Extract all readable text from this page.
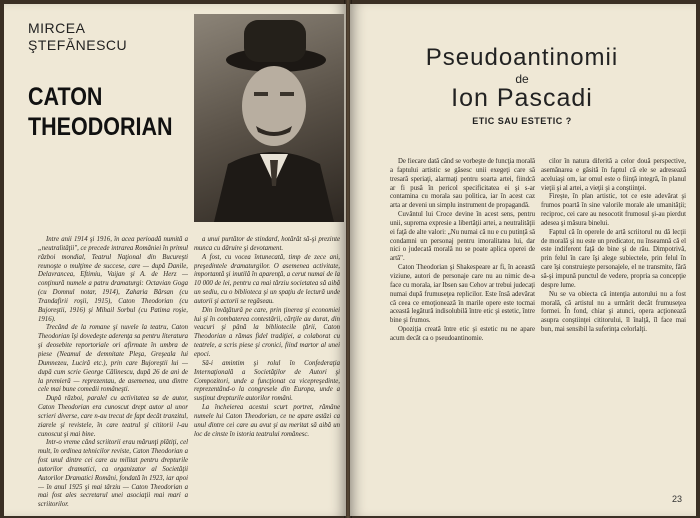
MIRCEA
ŞTEFĂNESCU
CATON
THEODORIAN

Intre anii 1914 şi 1916, în acea perioadă numită a „neutralităţii", ce precede intrarea României în primul război mondial, Teatrul Naţional din Bucureşti reunoşte o mulţime de succese, care — după Danile, Delavrancea, Eftimiu, Vaijan şi A. de Herz — conţinură numele a patru dramaturgi: Octavian Goga (cu Domnul notar, 1914), Zaharia Bârsan (cu Trandafirii roşii, 1915), Caton Theodorian (cu Bujoreştii, 1916) şi Mihail Sorbul (cu Patima roşie, 1916).

Trecând de la romane şi nuvele la teatru, Caton Theodorian îşi dovedeşte aderenţa sa pentru literatura şi deosebite reportoriale ori afirmate în umbra de piese (Neamul de demnitate Pleşa, Greşeala lui Dumnezeu, Luciră etc.), prin care Bujoreştii lui — după cum scrie George Călinescu, după 26 de ani de la premieră — reprezentau, de asemenea, una dintre cele mai bune comedii româneşti.

După război, paralel cu activitatea sa de autor, Caton Theodorian era cunoscut drept autor al unor scrieri diverse, care n-au trecut de fapt decât tranzitul, ziarele şi revistele, în care teatrul şi cititorii l-au cunoscut şi mai bine.

Intr-o vreme când scriitorii erau mărunţi plătiţi, cel mult, în ordinea tehnicilor reviste, Caton Theodorian a fost unul dintre cei care au militat pentru drepturile autorilor dramatici, ca organizator al Societăţii Autorilor Dramatici Români, fondată în 1923, iar apoi — în anul 1925 şi mai târziu — Caton Theodorian a mai fost ales secretarul unei asociaţii mai mari a scriitorilor.

a unui purtător de stindard, hotărât să-şi prezinte munca cu dăruire şi devotament.

A fost, cu vocea întunecată, timp de zece ani, preşedintele dramaturgilor. O asemenea activitate, importantă şi inutilă în aparenţă, a cerut numai de la 10 000 de lei, pentru ca mai târziu societatea să aibă un sediu, cu o biblioteca şi un spaţiu de lectură unde autorii şi actorii se regăseau.

Din învăţătură pe care, prin ţinerea şi economiei lui şi în combaterea contestării, cărţile au durat, din veacuri şi până la bibliotecile ţării, Caton Theodorian a rămas fidel tradiţiei, a colaborat cu teatrele, a scris piese şi cronici, fiind martor al unei epoci.

Să-i amintim şi rolul în Confederaţia Internaţională a Societăţilor de Autori şi Compozitori, unde a funcţionat ca vicepreşedinte, reprezentând-o la congresele din Europa, unde a susţinut drepturile autorilor români.

La încheierea acestui scurt portret, rămâne numele lui Caton Theodorian, ce ne apare astăzi ca unul dintre cei care au avut şi au meritat să aibă un loc de cinste în istoria teatrului românesc.

Pseudoantinomii
de
Ion Pascadi
ETIC SAU ESTETIC ?

De fiecare dată când se vorbeşte de funcţia morală a faptului artistic se găsesc unii exegeţi care să tresară speriaţi, alarmaţi pentru soarta artei, fiindcă ar fi pusă în pericol specificitatea ei şi s-ar contamina cu morala sau politica, iar în acest caz arta ar deveni un simplu instrument de propagandă.

Cuvântul lui Croce devine în acest sens, pentru unii, suprema expresie a libertăţii artei, a neutralităţii ei faţă de alte valori: „Nu numai că nu e cu putinţă să condamni un personaj pentru imoralitatea lui, dar nici o judecată morală nu se poate aplica operei de artă".

Caton Theodorian şi Shakespeare ar fi, în această viziune, autori de personaje care nu au nimic de-a face cu morala, iar Ibsen sau Cehov ar trebui judecaţi numai după frumuseţea replicilor. Este însă adevărat că ceea ce emoţionează în marile opere este tocmai această legătură indisolubilă între etic şi estetic, între bine şi frumos.

Opoziţia creată între etic şi estetic nu ne apare acum decât ca o pseudoantinomie.

cilor în natura diferită a celor două perspective, asemănarea e găsită în faptul că ele se adresează aceluiaşi om, iar omul este o fiinţă integră, în planul vieţii şi al artei, a vieţii şi a conştiinţei.

Firește, în plan artistic, tot ce este adevărat şi frumos poartă în sine valorile morale ale umanităţii; reciproc, cei care au nesocotit frumosul şi-au pierdut adesea şi măsura binelui.

Faptul că în operele de artă scriitorul nu dă lecţii de morală şi nu este un predicator, nu înseamnă că el este indiferent faţă de bine şi de rău. Dimpotrivă, prin felul în care îşi alege subiectele, prin felul în care îşi construieşte personajele, el ne transmite, fără să-şi impună punctul de vedere, propria sa concepţie despre lume.

Nu se va obiecta că intenţia autorului nu a fost morală, că artistul nu a urmărit decât frumuseţea formei. În fond, chiar şi atunci, opera acţionează asupra conştiinţei cititorului, îl înalţă, îl face mai bun, mai sensibil la suferinţa celorlalţi.

23
